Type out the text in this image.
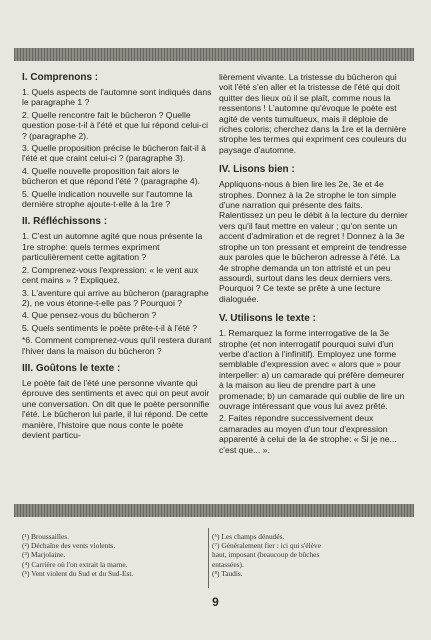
I. Comprenons :

1. Quels aspects de l'automne sont indiqués dans le paragraphe 1 ?

2. Quelle rencontre fait le bûcheron ? Quelle question pose-t-il à l'été et que lui répond celui-ci ? (paragraphe 2).

3. Quelle proposition précise le bûcheron fait-il à l'été et que craint celui-ci ? (paragraphe 3).

4. Quelle nouvelle proposition fait alors le bûcheron et que répond l'été ? (paragraphe 4).

5. Quelle indication nouvelle sur l'automne la dernière strophe ajoute-t-elle à la 1re ?

II. Réfléchissons :

1. C'est un automne agité que nous présente la 1re strophe: quels termes expriment particulièrement cette agitation ?

2. Comprenez-vous l'expression: « le vent aux cent mains » ? Expliquez.

3. L'aventure qui arrive au bûcheron (paragraphe 2), ne vous étonne-t-elle pas ? Pourquoi ?

4. Que pensez-vous du bûcheron ?

5. Quels sentiments le poète prête-t-il à l'été ?

*6. Comment comprenez-vous qu'il restera durant l'hiver dans la maison du bûcheron ?

III. Goûtons le texte :

Le poète fait de l'été une personne vivante qui éprouve des sentiments et avec qui on peut avoir une conversation. On dit que le poète personnifie l'été. Le bûcheron lui parle, il lui répond. De cette manière, l'histoire que nous conte le poète devient particu-

lièrement vivante. La tristesse du bûcheron qui voit l'été s'en aller et la tristesse de l'été qui doit quitter des lieux où il se plaît, comme nous la ressentons ! L'automne qu'évoque le poète est agité de vents tumultueux, mais il déploie de riches coloris; cherchez dans la 1re et la dernière strophe les termes qui expriment ces couleurs du paysage d'automne.

IV. Lisons bien :

Appliquons-nous à bien lire les 2e, 3e et 4e strophes. Donnez à la 2e strophe le ton simple d'une narration qui présente des faits. Ralentissez un peu le débit à la lecture du dernier vers qu'il faut mettre en valeur ; qu'on sente un accent d'admiration et de regret ! Donnez à la 3e strophe un ton pressant et empreint de tendresse aux paroles que le bûcheron adresse à l'été. La 4e strophe demanda un ton attristé et un peu assourdi, surtout dans les deux derniers vers. Pourquoi ? Ce texte se prête à une lecture dialoguée.

V. Utilisons le texte :

1. Remarquez la forme interrogative de la 3e strophe (et non interrogatif pourquoi suivi d'un verbe d'action à l'infinitif). Employez une forme semblable d'expression avec « alors que » pour interpeller: a) un camarade qui préfère demeurer à la maison au lieu de prendre part à une promenade; b) un camarade qui oublie de lire un ouvrage intéressant que vous lui avez prêté.

2. Faites répondre successivement deux camarades au moyen d'un tour d'expression apparenté à celui de la 4e strophe: « Si je ne... c'est que... ».

(¹) Broussailles.
(²) Déchaîne des vents violents.
(³) Marjolaine.
(⁴) Carrière où l'on extrait la marne.
(⁵) Vent violent du Sud et du Sud-Est.
(⁶) Les champs dénudés.
(⁷) Généralement fier : ici qui s'élève
haut, imposant (beaucoup de bûches
entassées).
(⁸) Taudis.
9
